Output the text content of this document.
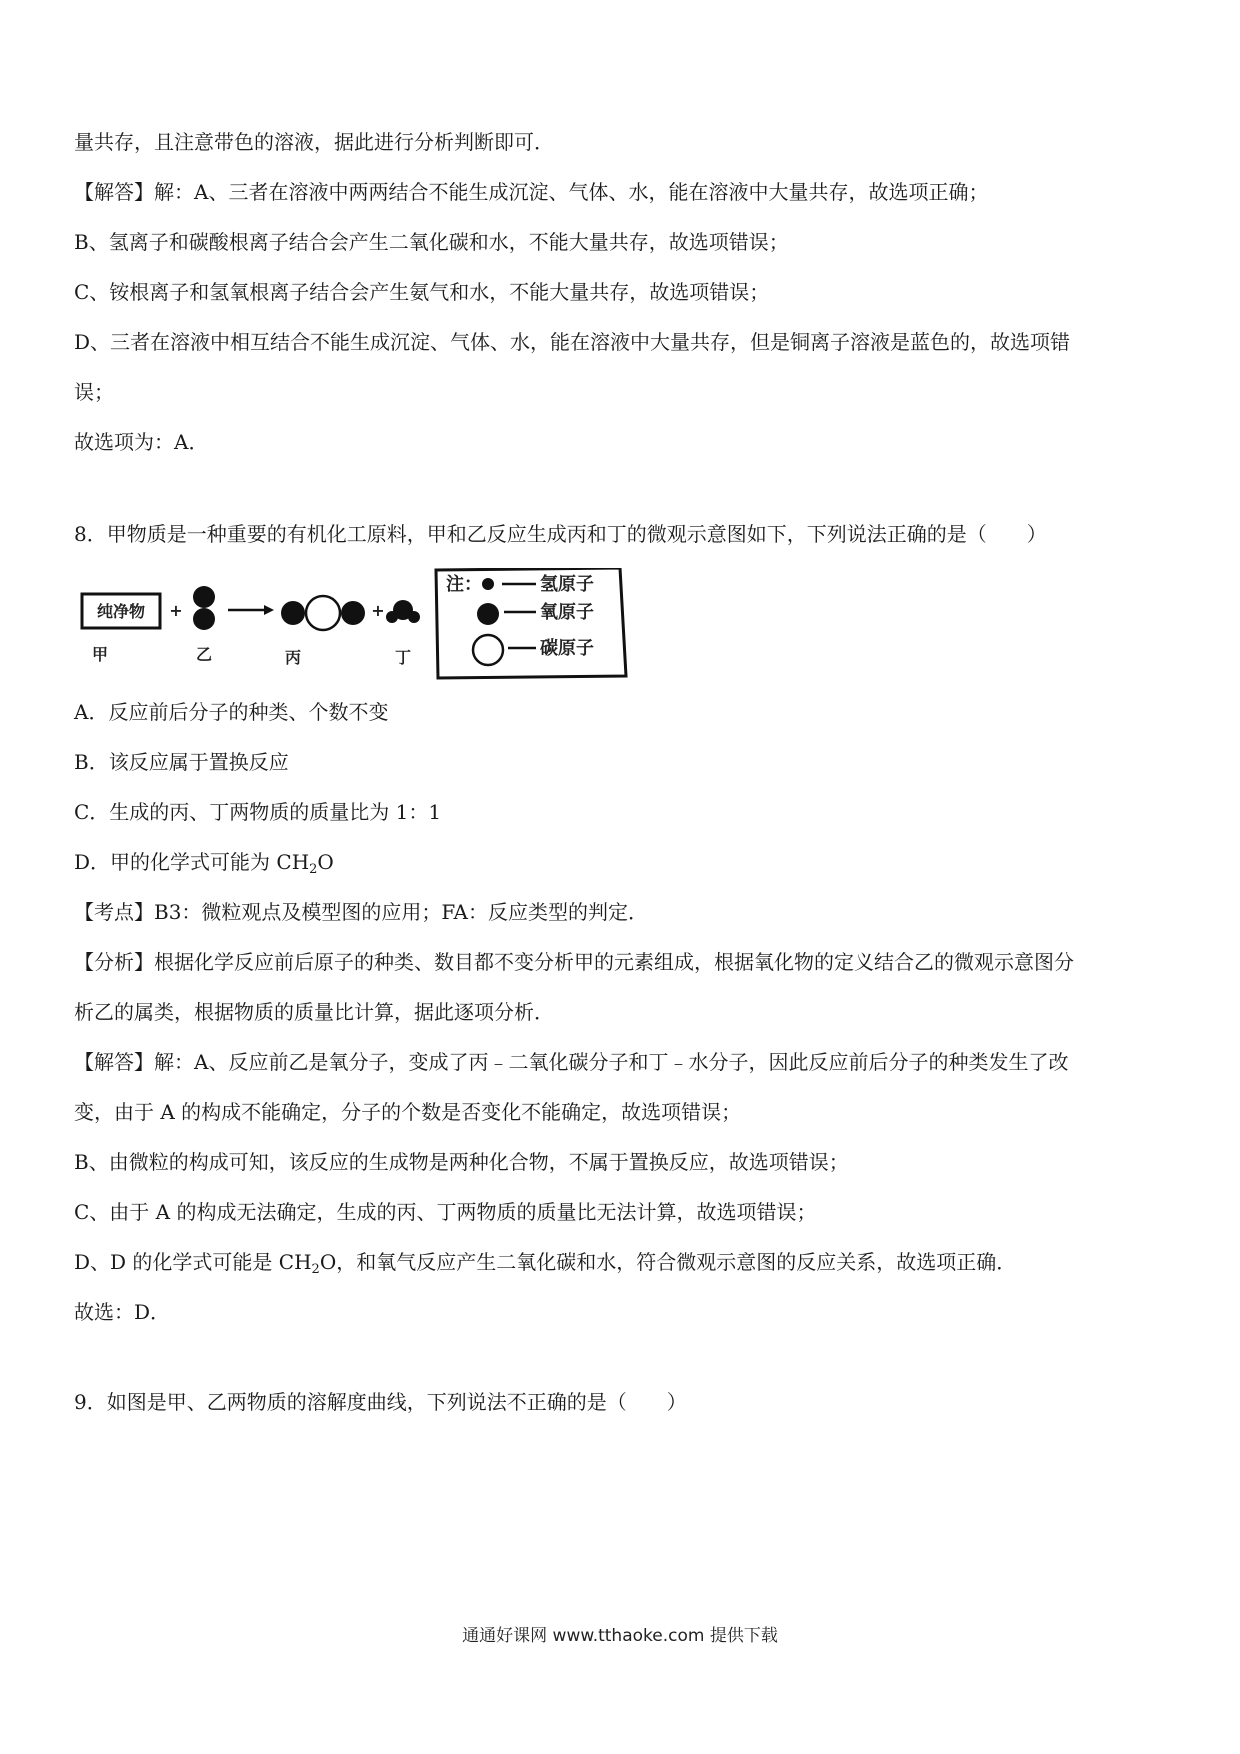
量共存，且注意带色的溶液，据此进行分析判断即可．
【解答】解：A、三者在溶液中两两结合不能生成沉淀、气体、水，能在溶液中大量共存，故选项正确；
B、氢离子和碳酸根离子结合会产生二氧化碳和水，不能大量共存，故选项错误；
C、铵根离子和氢氧根离子结合会产生氨气和水，不能大量共存，故选项错误；
D、三者在溶液中相互结合不能生成沉淀、气体、水，能在溶液中大量共存，但是铜离子溶液是蓝色的，故选项错
误；
故选项为：A．
8．甲物质是一种重要的有机化工原料，甲和乙反应生成丙和丁的微观示意图如下，下列说法正确的是（　　）
纯净物 +	+
甲	乙	丙	丁
注：	氢原子
氧原子
碳原子
A．反应前后分子的种类、个数不变
B．该反应属于置换反应
C．生成的丙、丁两物质的质量比为 1：1
D．甲的化学式可能为 $CH_2O$
【考点】B3：微粒观点及模型图的应用；FA：反应类型的判定．
【分析】根据化学反应前后原子的种类、数目都不变分析甲的元素组成，根据氧化物的定义结合乙的微观示意图分
析乙的属类，根据物质的质量比计算，据此逐项分析．
【解答】解：A、反应前乙是氧分子，变成了丙﹣二氧化碳分子和丁﹣水分子，因此反应前后分子的种类发生了改
变，由于 A 的构成不能确定，分子的个数是否变化不能确定，故选项错误；
B、由微粒的构成可知，该反应的生成物是两种化合物，不属于置换反应，故选项错误；
C、由于 A 的构成无法确定，生成的丙、丁两物质的质量比无法计算，故选项错误；
D、D 的化学式可能是 $CH_2O$，和氧气反应产生二氧化碳和水，符合微观示意图的反应关系，故选项正确．
故选：D．
9．如图是甲、乙两物质的溶解度曲线，下列说法不正确的是（　　）
通通好课网 www.tthaoke.com 提供下载
